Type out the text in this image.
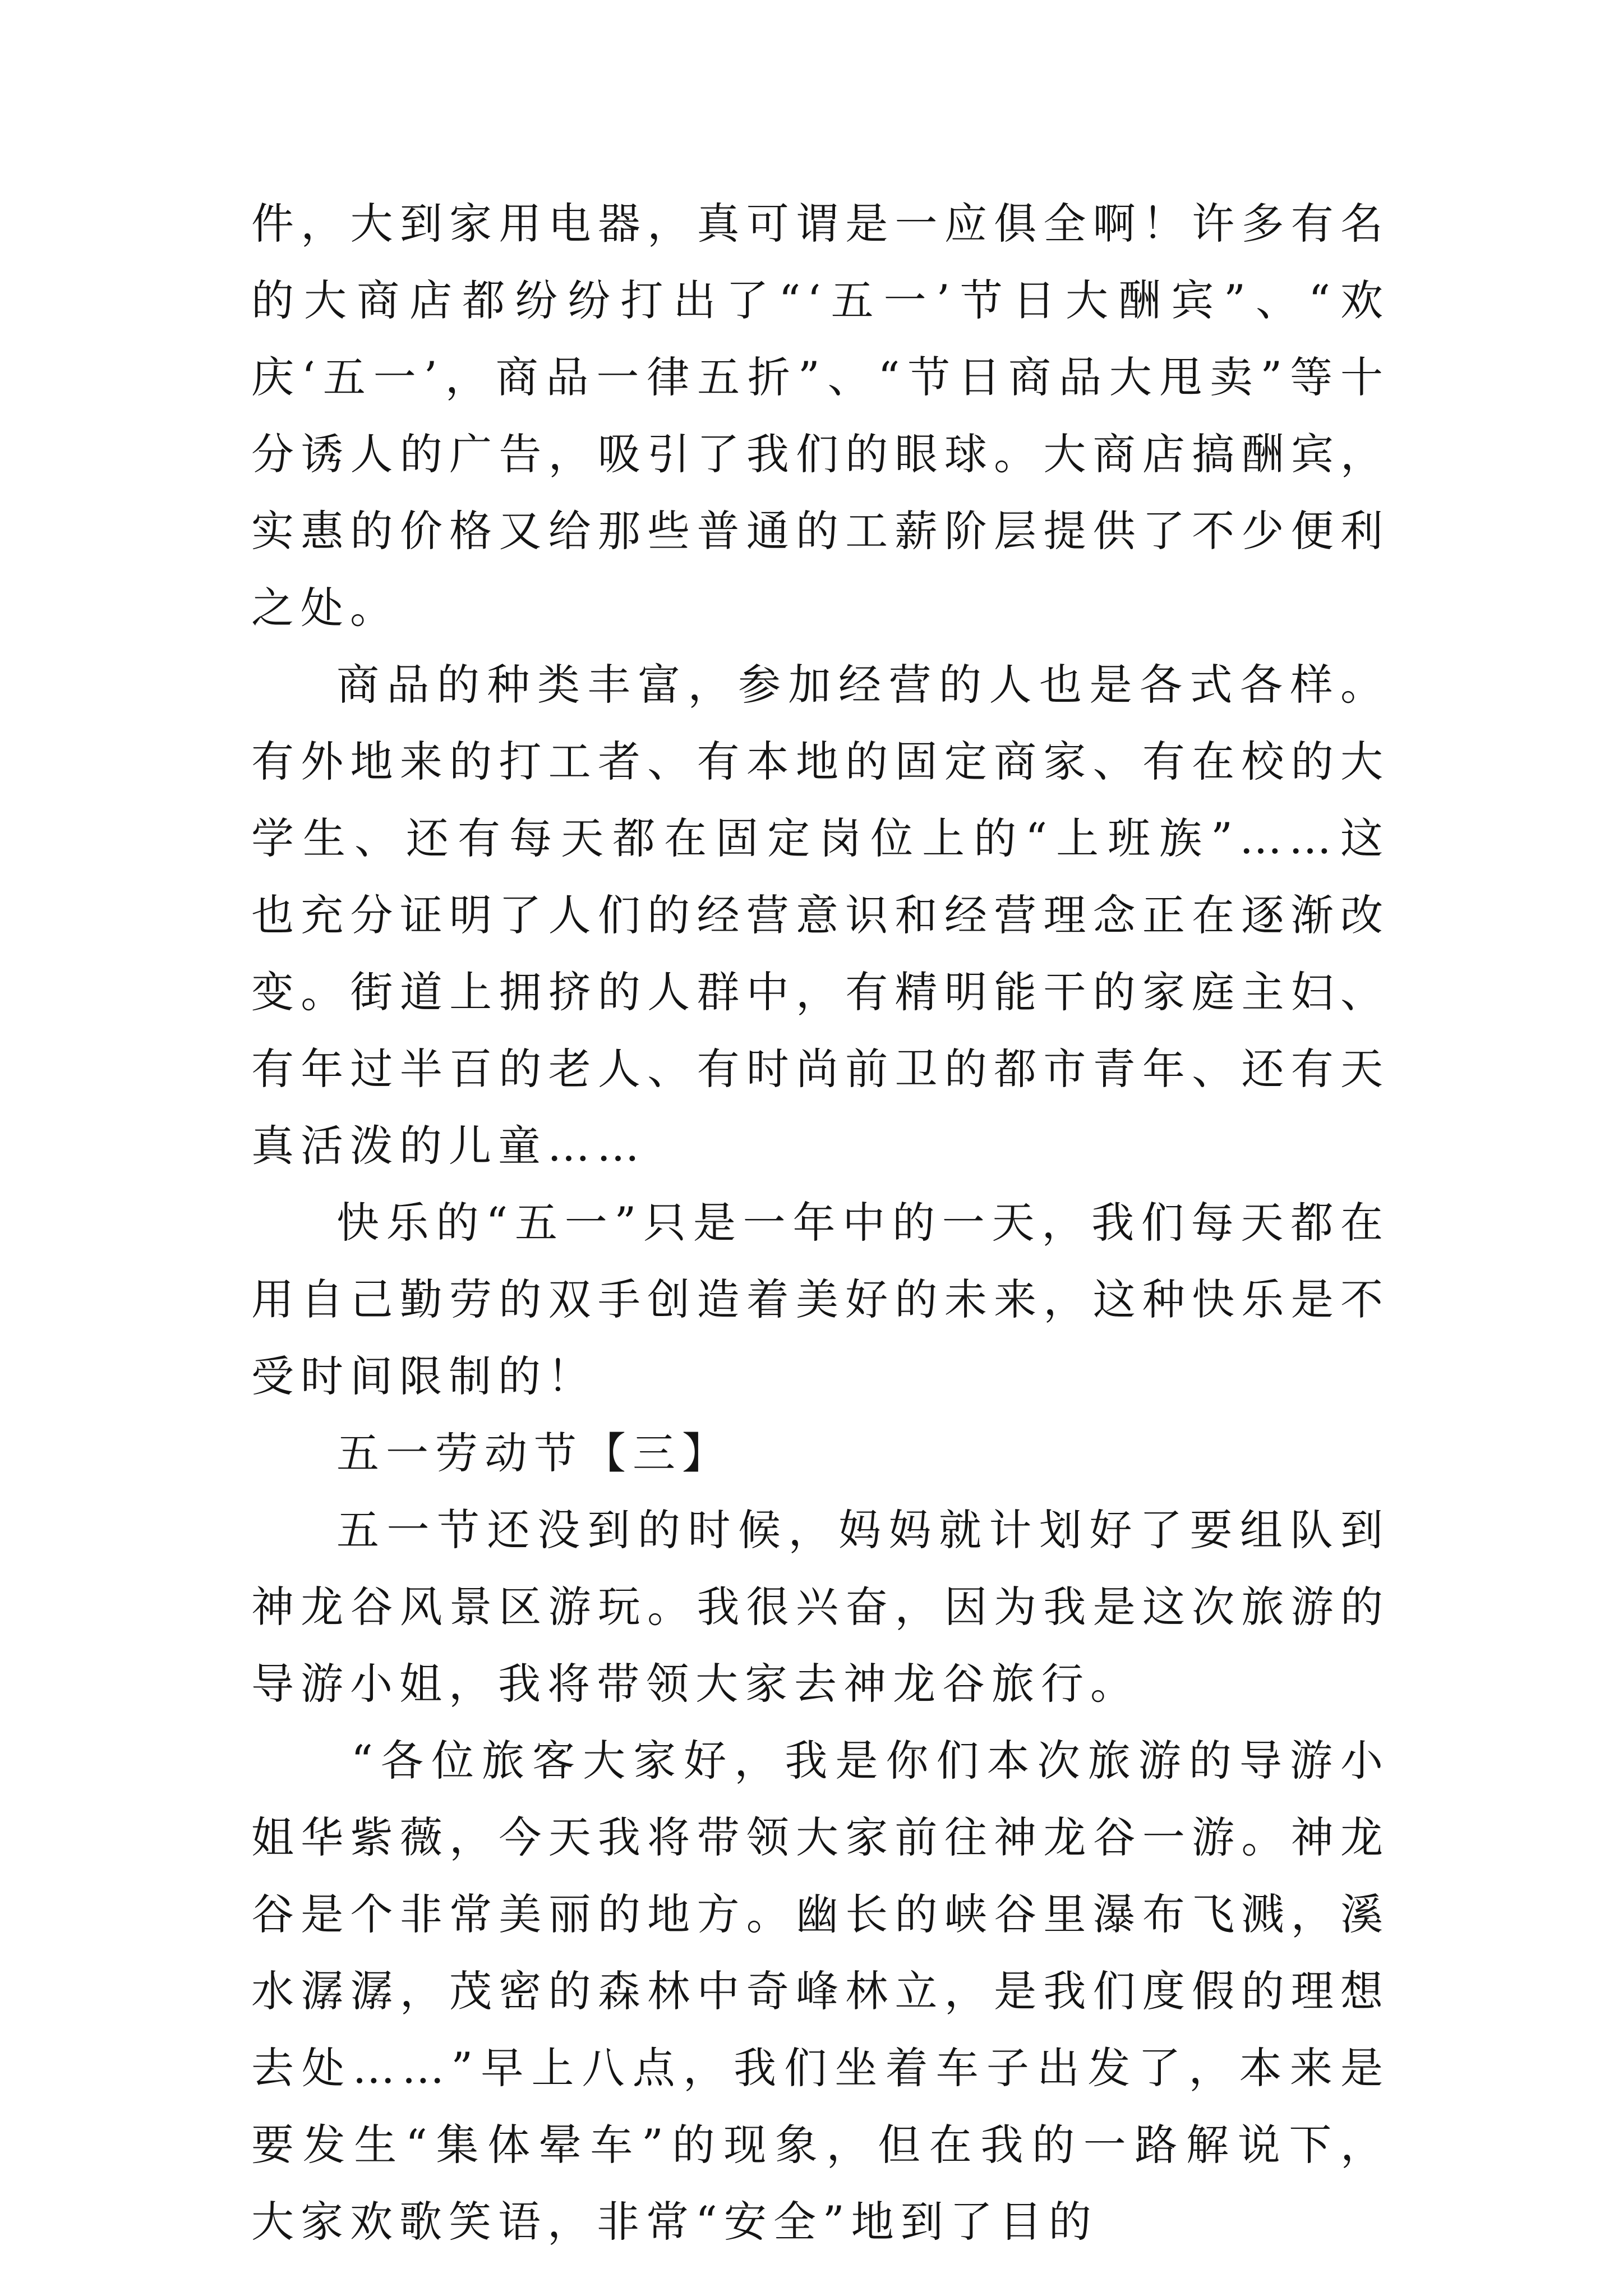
件，大到家用电器，真可谓是一应俱全啊！许多有名的大商店都纷纷打出了“‘五一’节日大酬宾”、“欢庆‘五一’，商品一律五折”、“节日商品大甩卖”等十分诱人的广告，吸引了我们的眼球。大商店搞酬宾，实惠的价格又给那些普通的工薪阶层提供了不少便利之处。

商品的种类丰富，参加经营的人也是各式各样。有外地来的打工者、有本地的固定商家、有在校的大学生、还有每天都在固定岗位上的“上班族”……这也充分证明了人们的经营意识和经营理念正在逐渐改变。街道上拥挤的人群中，有精明能干的家庭主妇、有年过半百的老人、有时尚前卫的都市青年、还有天真活泼的儿童……

快乐的“五一”只是一年中的一天，我们每天都在用自己勤劳的双手创造着美好的未来，这种快乐是不受时间限制的！

五一劳动节【三】

五一节还没到的时候，妈妈就计划好了要组队到神龙谷风景区游玩。我很兴奋，因为我是这次旅游的导游小姐，我将带领大家去神龙谷旅行。

“各位旅客大家好，我是你们本次旅游的导游小姐华紫薇，今天我将带领大家前往神龙谷一游。神龙谷是个非常美丽的地方。幽长的峡谷里瀑布飞溅，溪水潺潺，茂密的森林中奇峰林立，是我们度假的理想去处……”早上八点，我们坐着车子出发了，本来是要发生“集体晕车”的现象，但在我的一路解说下，大家欢歌笑语，非常“安全”地到了目的
